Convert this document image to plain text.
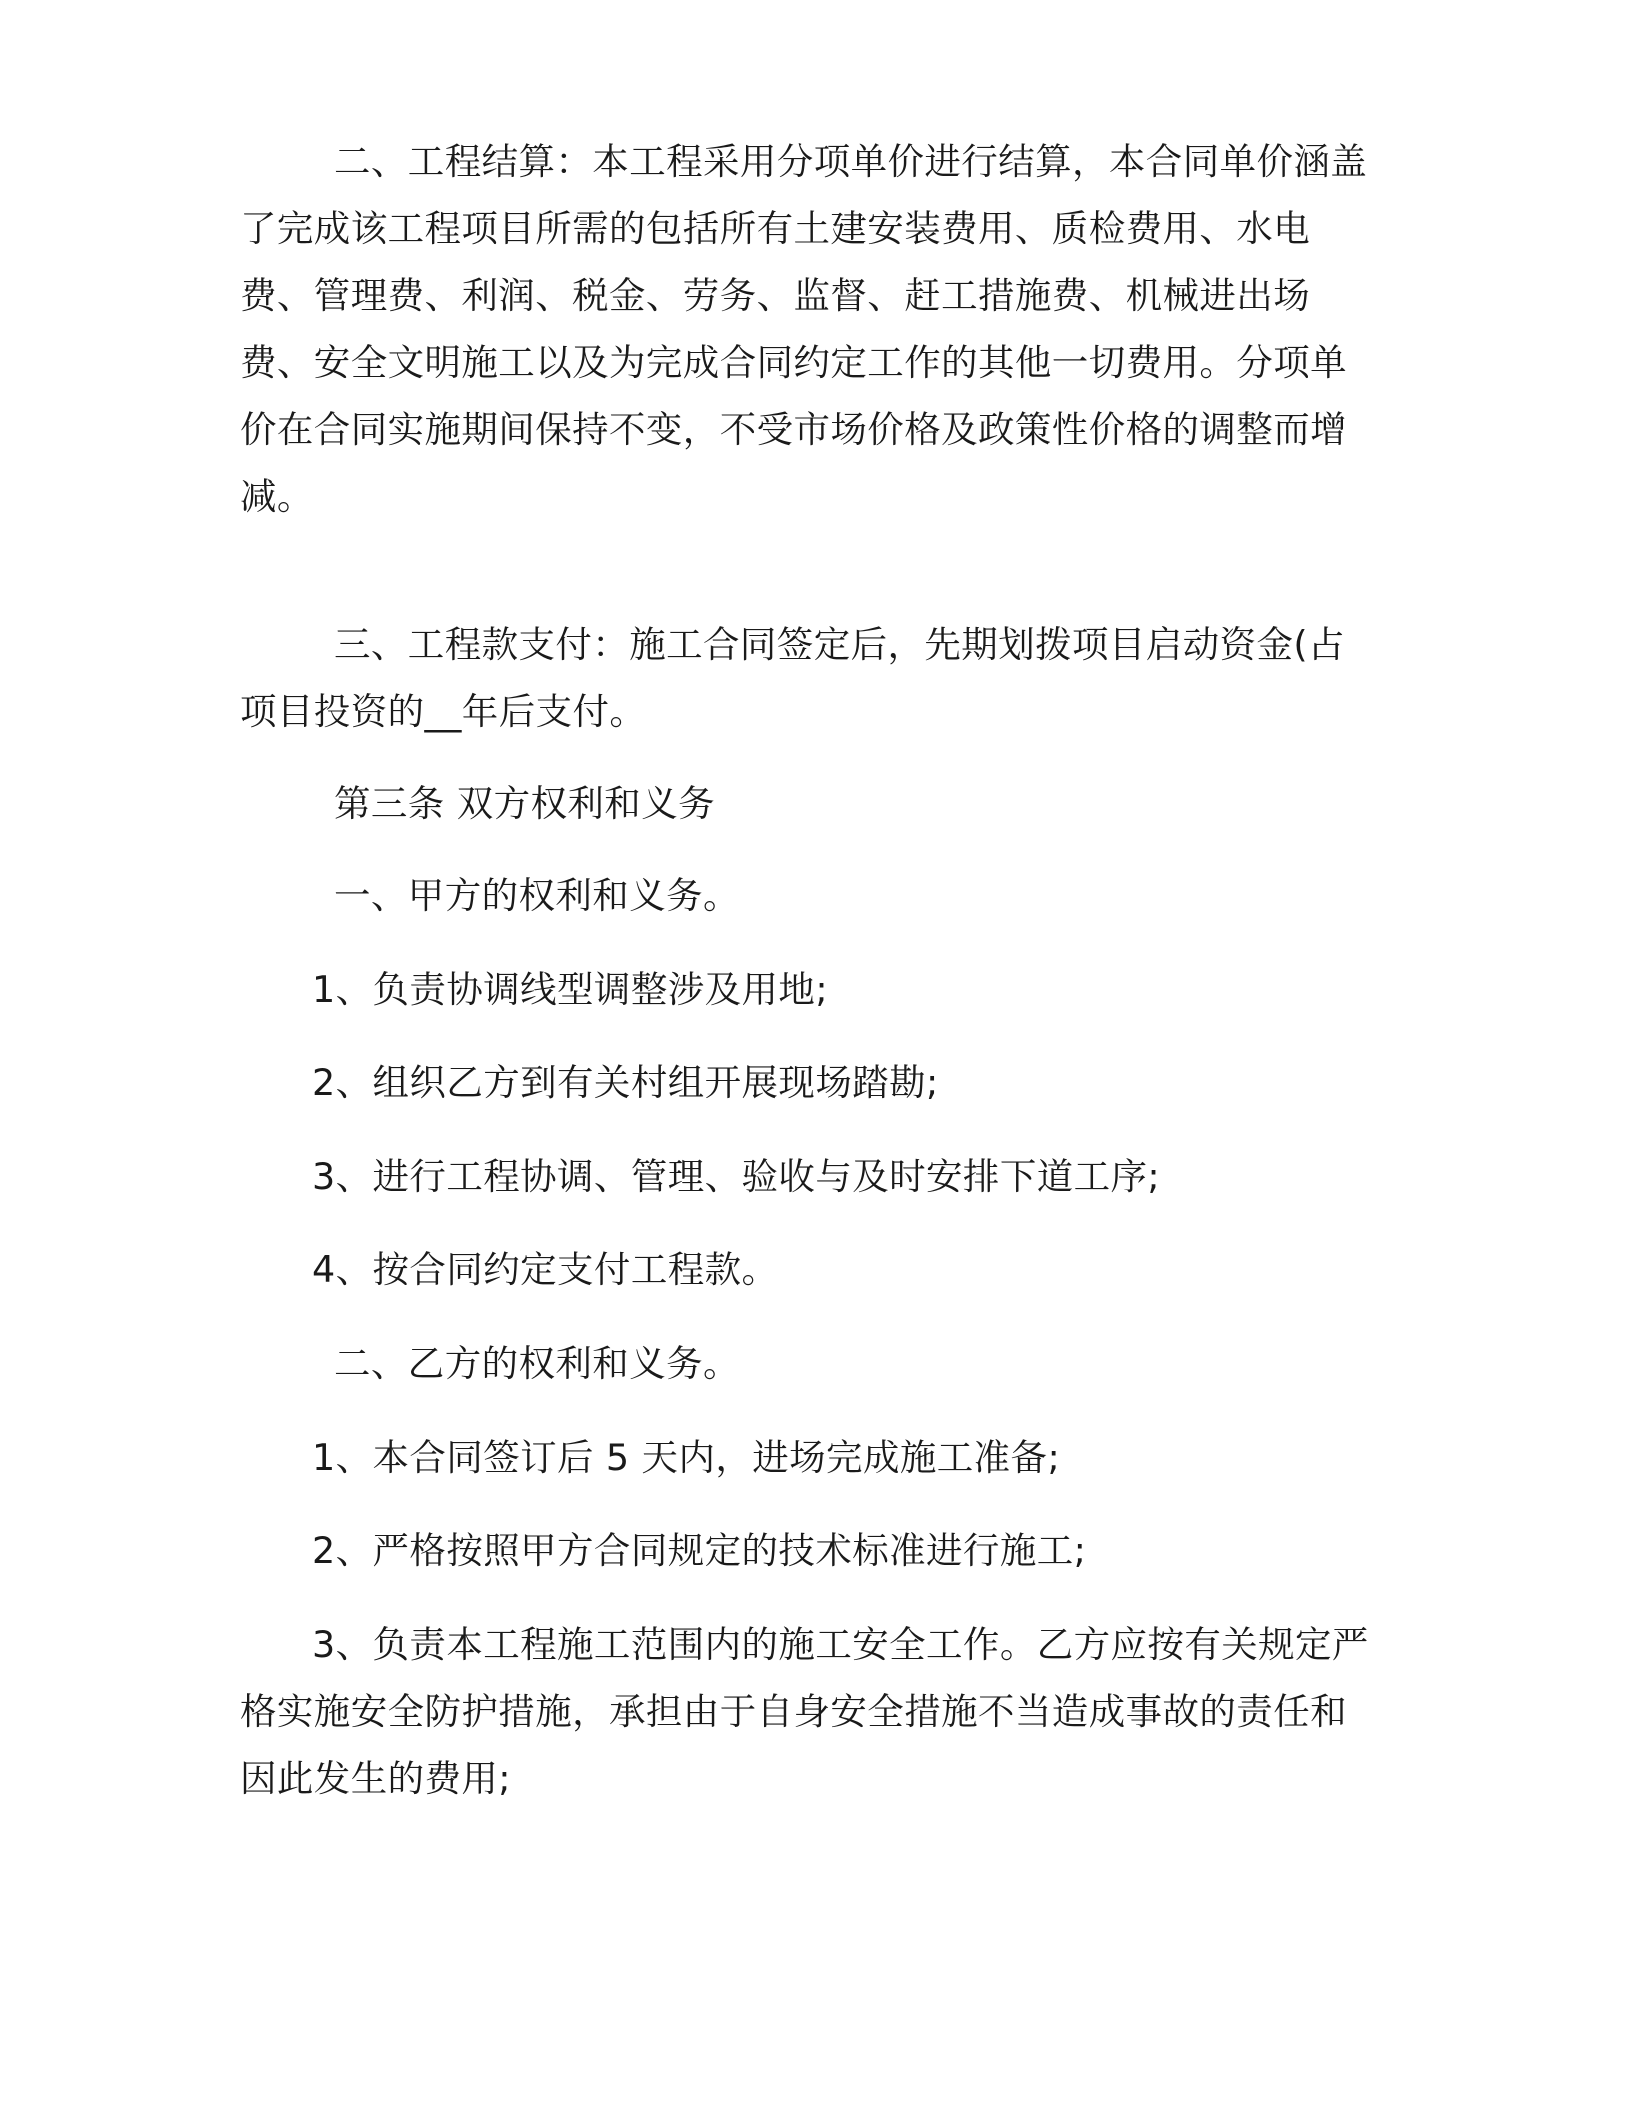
二、工程结算：本工程采用分项单价进行结算，本合同单价涵盖
了完成该工程项目所需的包括所有土建安装费用、质检费用、水电
费、管理费、利润、税金、劳务、监督、赶工措施费、机械进出场
费、安全文明施工以及为完成合同约定工作的其他一切费用。分项单
价在合同实施期间保持不变，不受市场价格及政策性价格的调整而增
减。
三、工程款支付：施工合同签定后，先期划拨项目启动资金(占
项目投资的__年后支付。
第三条 双方权利和义务
一、甲方的权利和义务。
1、负责协调线型调整涉及用地;
2、组织乙方到有关村组开展现场踏勘;
3、进行工程协调、管理、验收与及时安排下道工序;
4、按合同约定支付工程款。
二、乙方的权利和义务。
1、本合同签订后 5 天内，进场完成施工准备;
2、严格按照甲方合同规定的技术标准进行施工;
3、负责本工程施工范围内的施工安全工作。乙方应按有关规定严
格实施安全防护措施，承担由于自身安全措施不当造成事故的责任和
因此发生的费用;
